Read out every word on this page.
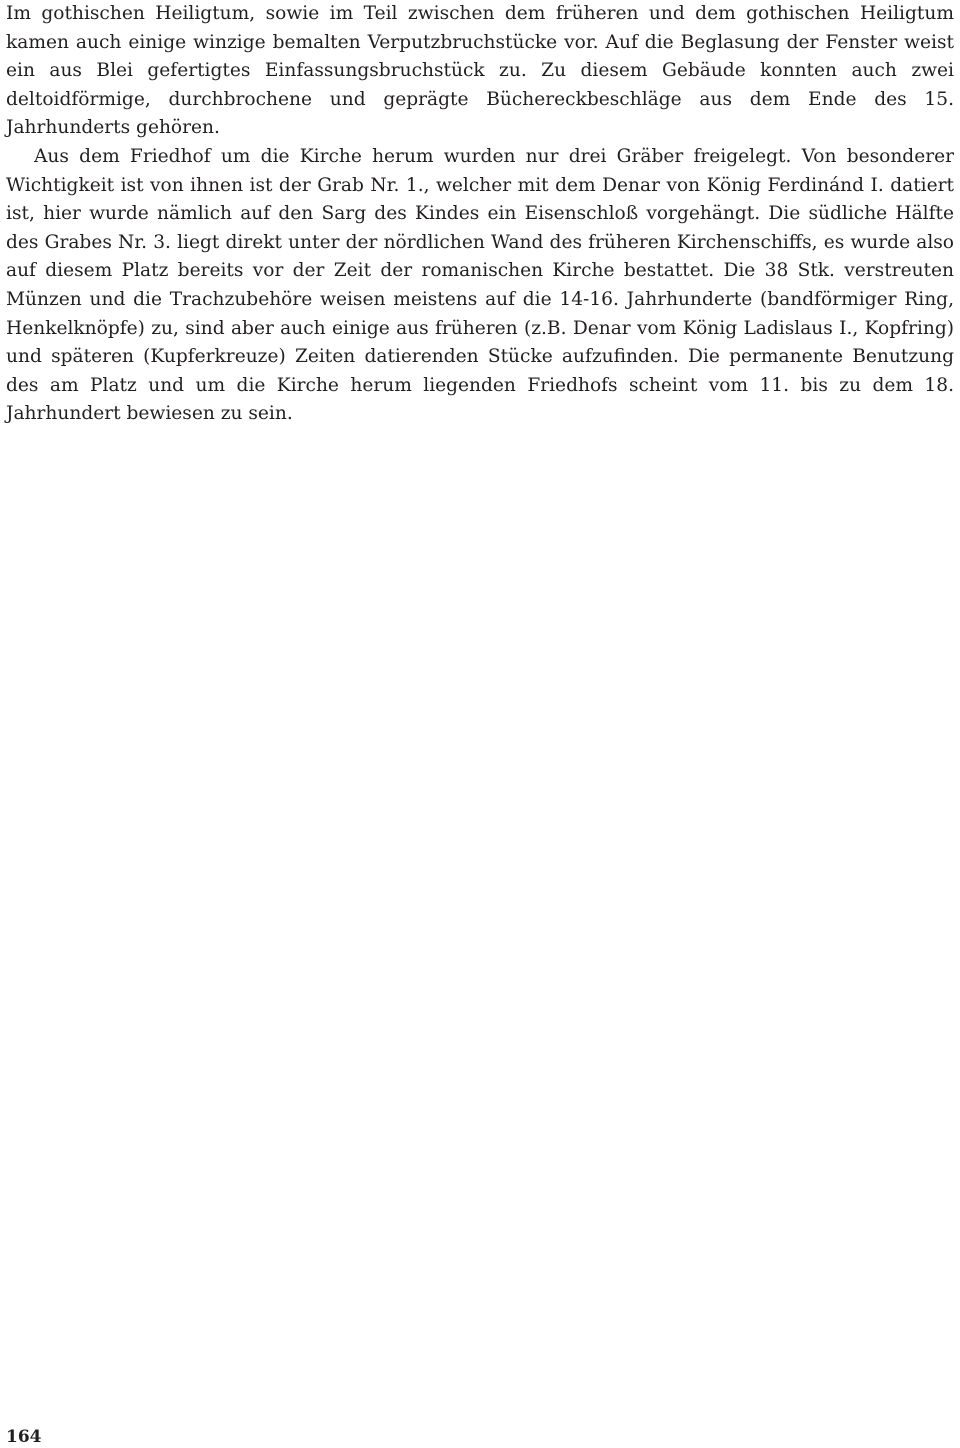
Im gothischen Heiligtum, sowie im Teil zwischen dem früheren und dem gothischen Heiligtum kamen auch einige winzige bemalten Verputzbruchstücke vor. Auf die Beglasung der Fenster weist ein aus Blei gefertigtes Einfassungsbruchstück zu. Zu diesem Gebäude konnten auch zwei deltoidförmige, durchbrochene und geprägte Büchereckbeschläge aus dem Ende des 15. Jahrhunderts gehören.

Aus dem Friedhof um die Kirche herum wurden nur drei Gräber freigelegt. Von besonderer Wichtigkeit ist von ihnen ist der Grab Nr. 1., welcher mit dem Denar von König Ferdinánd I. datiert ist, hier wurde nämlich auf den Sarg des Kindes ein Eisenschloß vorgehängt. Die südliche Hälfte des Grabes Nr. 3. liegt direkt unter der nördlichen Wand des früheren Kirchenschiffs, es wurde also auf diesem Platz bereits vor der Zeit der romanischen Kirche bestattet. Die 38 Stk. verstreuten Münzen und die Trachzubehöre weisen meistens auf die 14-16. Jahrhunderte (bandförmiger Ring, Henkelknöpfe) zu, sind aber auch einige aus früheren (z.B. Denar vom König Ladislaus I., Kopfring) und späteren (Kupferkreuze) Zeiten datierenden Stücke aufzufinden. Die permanente Benutzung des am Platz und um die Kirche herum liegenden Friedhofs scheint vom 11. bis zu dem 18. Jahrhundert bewiesen zu sein.

164
